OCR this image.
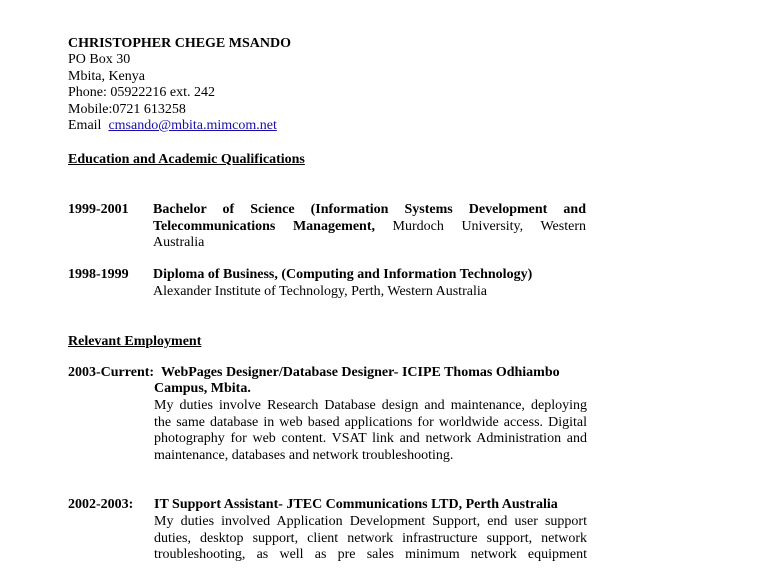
CHRISTOPHER CHEGE MSANDO
PO Box 30
Mbita, Kenya
Phone: 05922216 ext. 242
Mobile:0721 613258
Email cmsando@mbita.mimcom.net
Education and Academic Qualifications
1999-2001 Bachelor of Science (Information Systems Development and
Telecommunications Management, Murdoch University, Western
Australia
1998-1999 Diploma of Business, (Computing and Information Technology)
Alexander Institute of Technology, Perth, Western Australia
Relevant Employment
2003-Current: WebPages Designer/Database Designer- ICIPE Thomas Odhiambo
Campus, Mbita.
My duties involve Research Database design and maintenance, deploying
the same database in web based applications for worldwide access. Digital
photography for web content. VSAT link and network Administration and
maintenance, databases and network troubleshooting.
2002-2003: IT Support Assistant- JTEC Communications LTD, Perth Australia
My duties involved Application Development Support, end user support
duties, desktop support, client network infrastructure support, network
troubleshooting, as well as pre sales minimum network equipment
